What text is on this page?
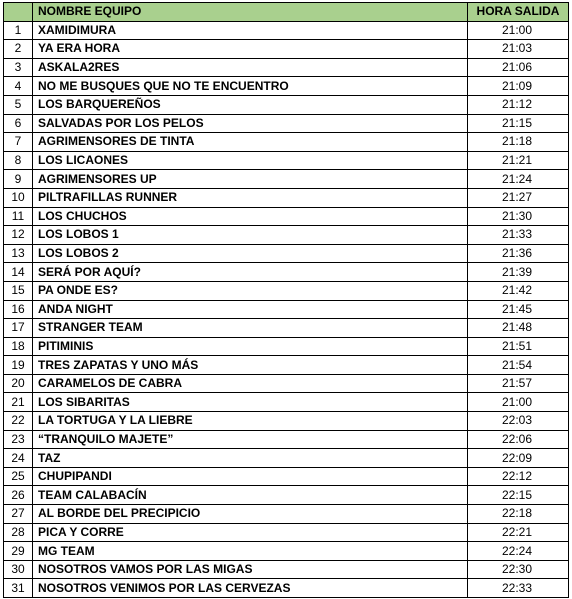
	NOMBRE EQUIPO	HORA SALIDA
1	XAMIDIMURA	21:00
2	YA ERA HORA	21:03
3	ASKALA2RES	21:06
4	NO ME BUSQUES QUE NO TE ENCUENTRO	21:09
5	LOS BARQUEREÑOS	21:12
6	SALVADAS POR LOS PELOS	21:15
7	AGRIMENSORES DE TINTA	21:18
8	LOS LICAONES	21:21
9	AGRIMENSORES UP	21:24
10	PILTRAFILLAS RUNNER	21:27
11	LOS CHUCHOS	21:30
12	LOS LOBOS 1	21:33
13	LOS LOBOS 2	21:36
14	SERÁ POR AQUÍ?	21:39
15	PA ONDE ES?	21:42
16	ANDA NIGHT	21:45
17	STRANGER TEAM	21:48
18	PITIMINIS	21:51
19	TRES ZAPATAS Y UNO MÁS	21:54
20	CARAMELOS DE CABRA	21:57
21	LOS SIBARITAS	21:00
22	LA TORTUGA Y LA LIEBRE	22:03
23	“TRANQUILO MAJETE”	22:06
24	TAZ	22:09
25	CHUPIPANDI	22:12
26	TEAM CALABACÍN	22:15
27	AL BORDE DEL PRECIPICIO	22:18
28	PICA Y CORRE	22:21
29	MG TEAM	22:24
30	NOSOTROS VAMOS POR LAS MIGAS	22:30
31	NOSOTROS VENIMOS POR LAS CERVEZAS	22:33
